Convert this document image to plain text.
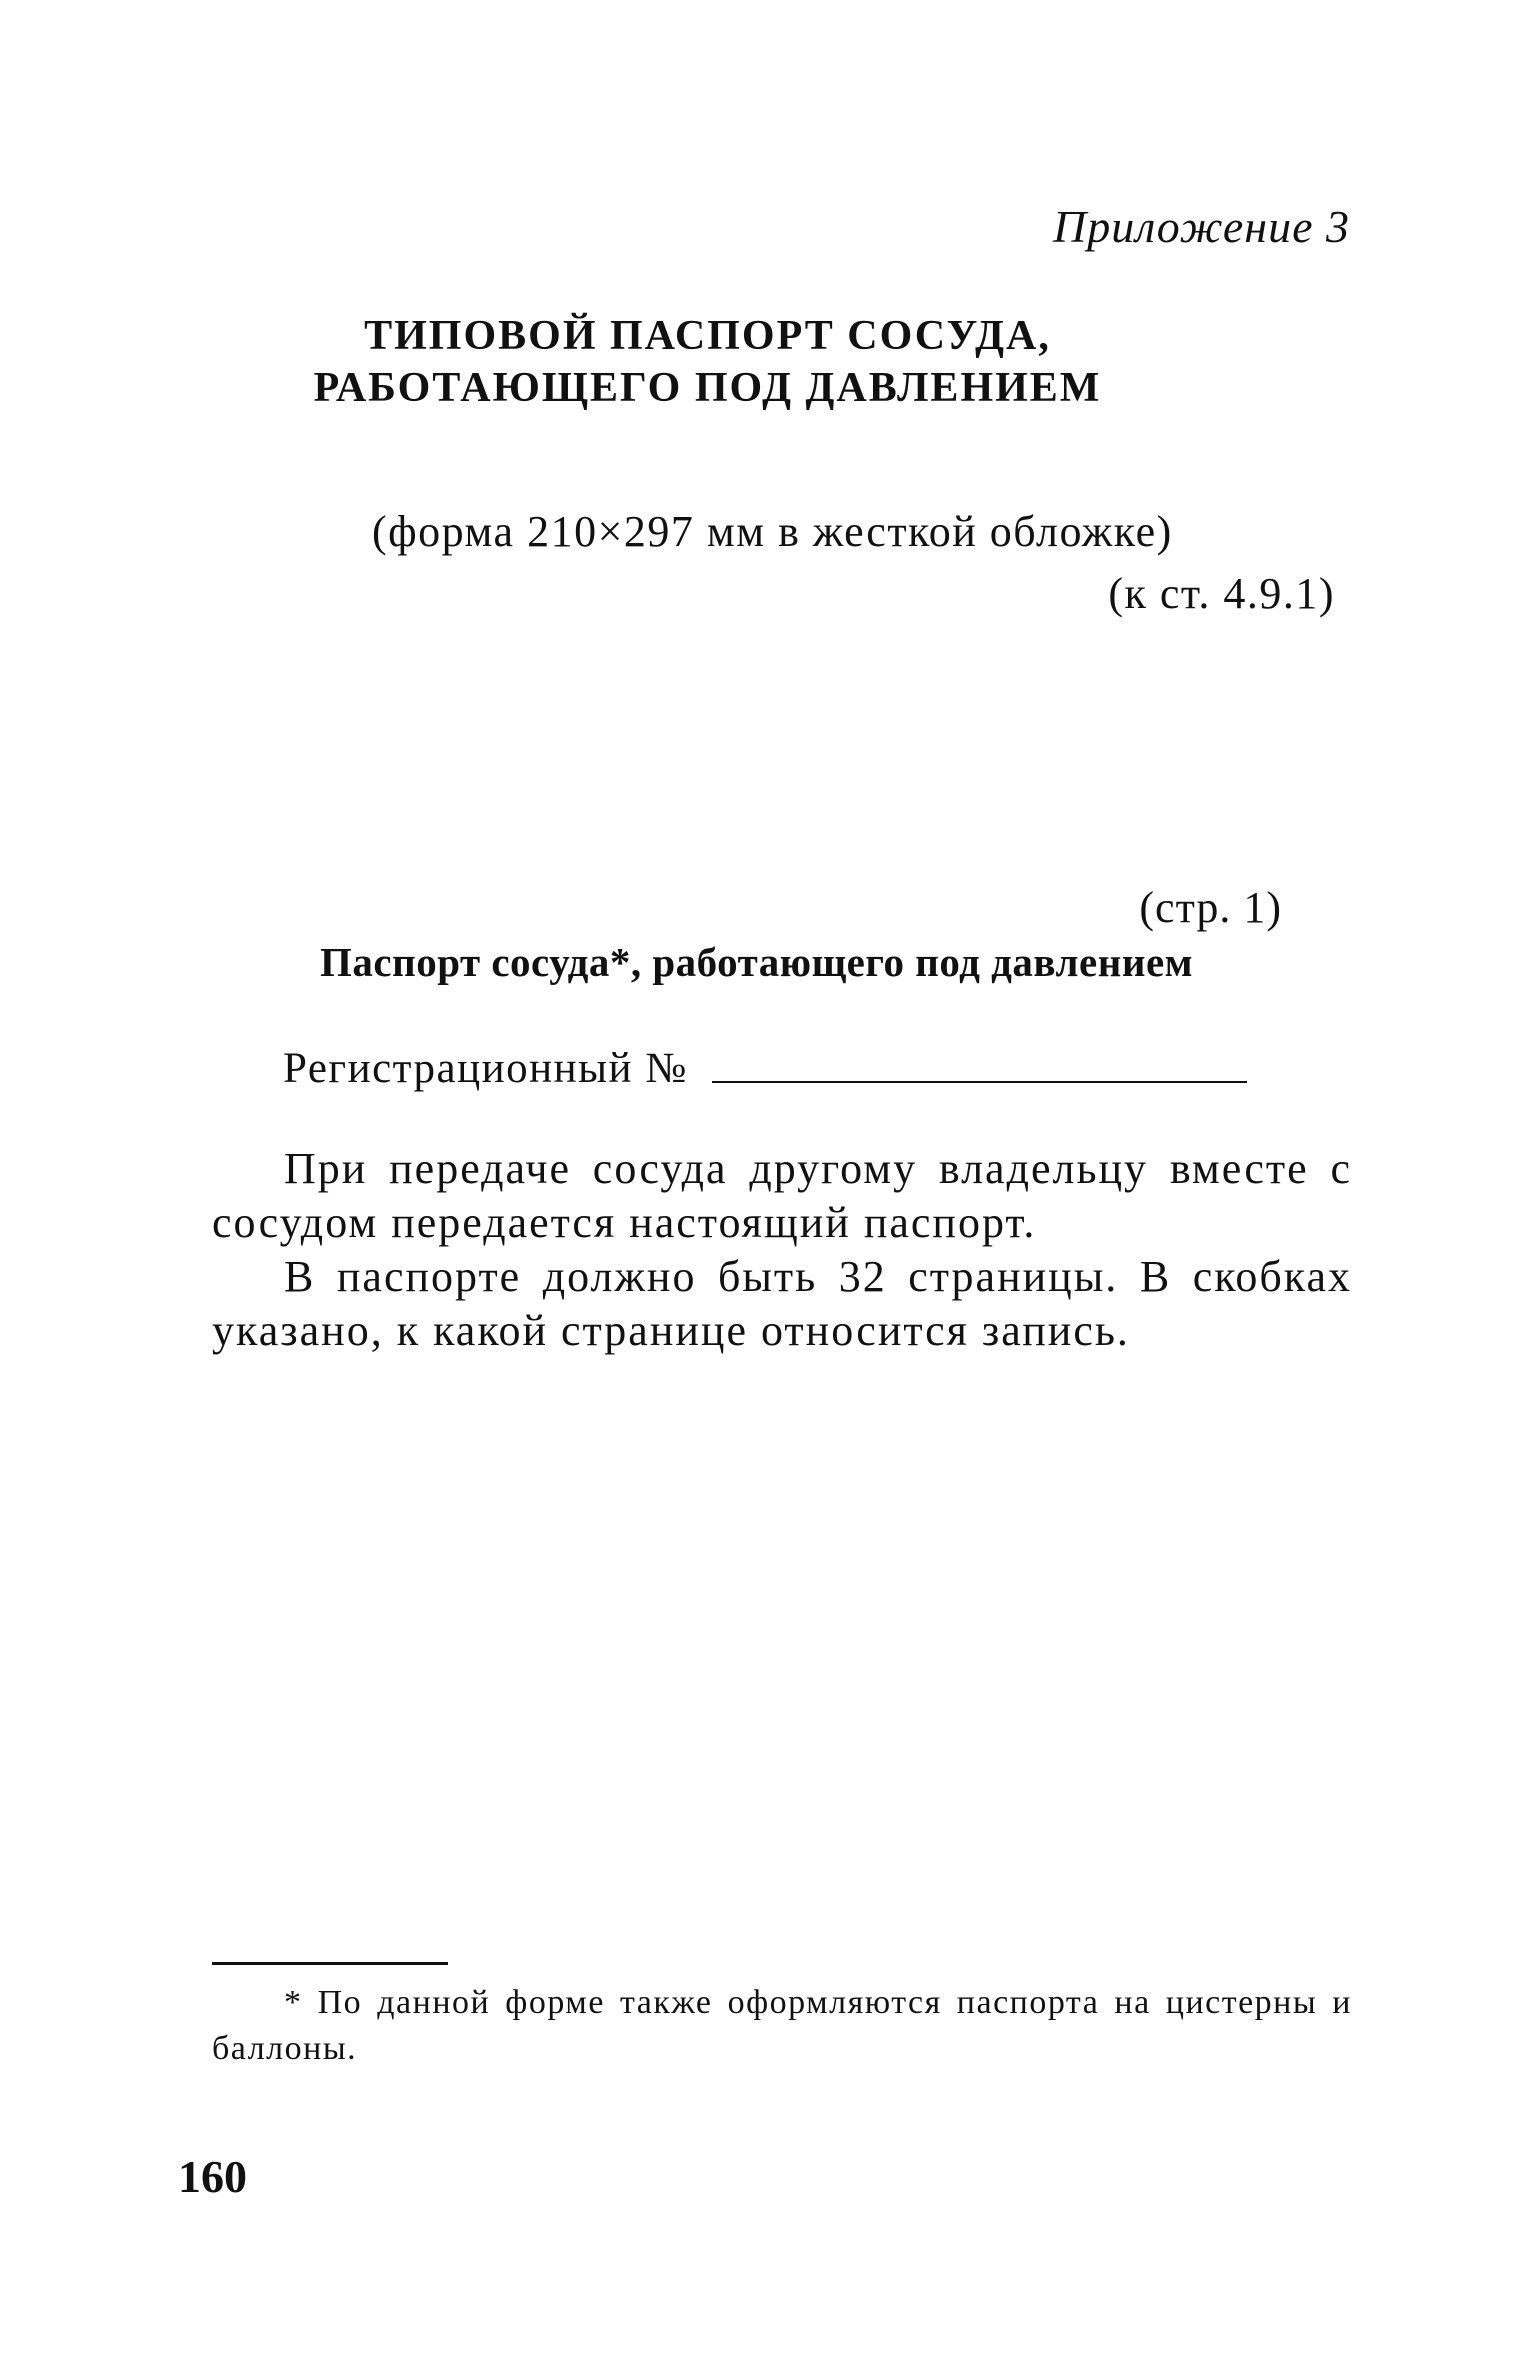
Приложение 3
ТИПОВОЙ ПАСПОРТ СОСУДА,
РАБОТАЮЩЕГО ПОД ДАВЛЕНИЕМ
(форма 210×297 мм в жесткой обложке)
(к ст. 4.9.1)
(стр. 1)
Паспорт сосуда*, работающего под давлением
Регистрационный №
При передаче сосуда другому владельцу вместе с сосудом передается настоящий паспорт.
В паспорте должно быть 32 страницы. В скобках указано, к какой странице относится запись.
* По данной форме также оформляются паспорта на цистерны и баллоны.
160
